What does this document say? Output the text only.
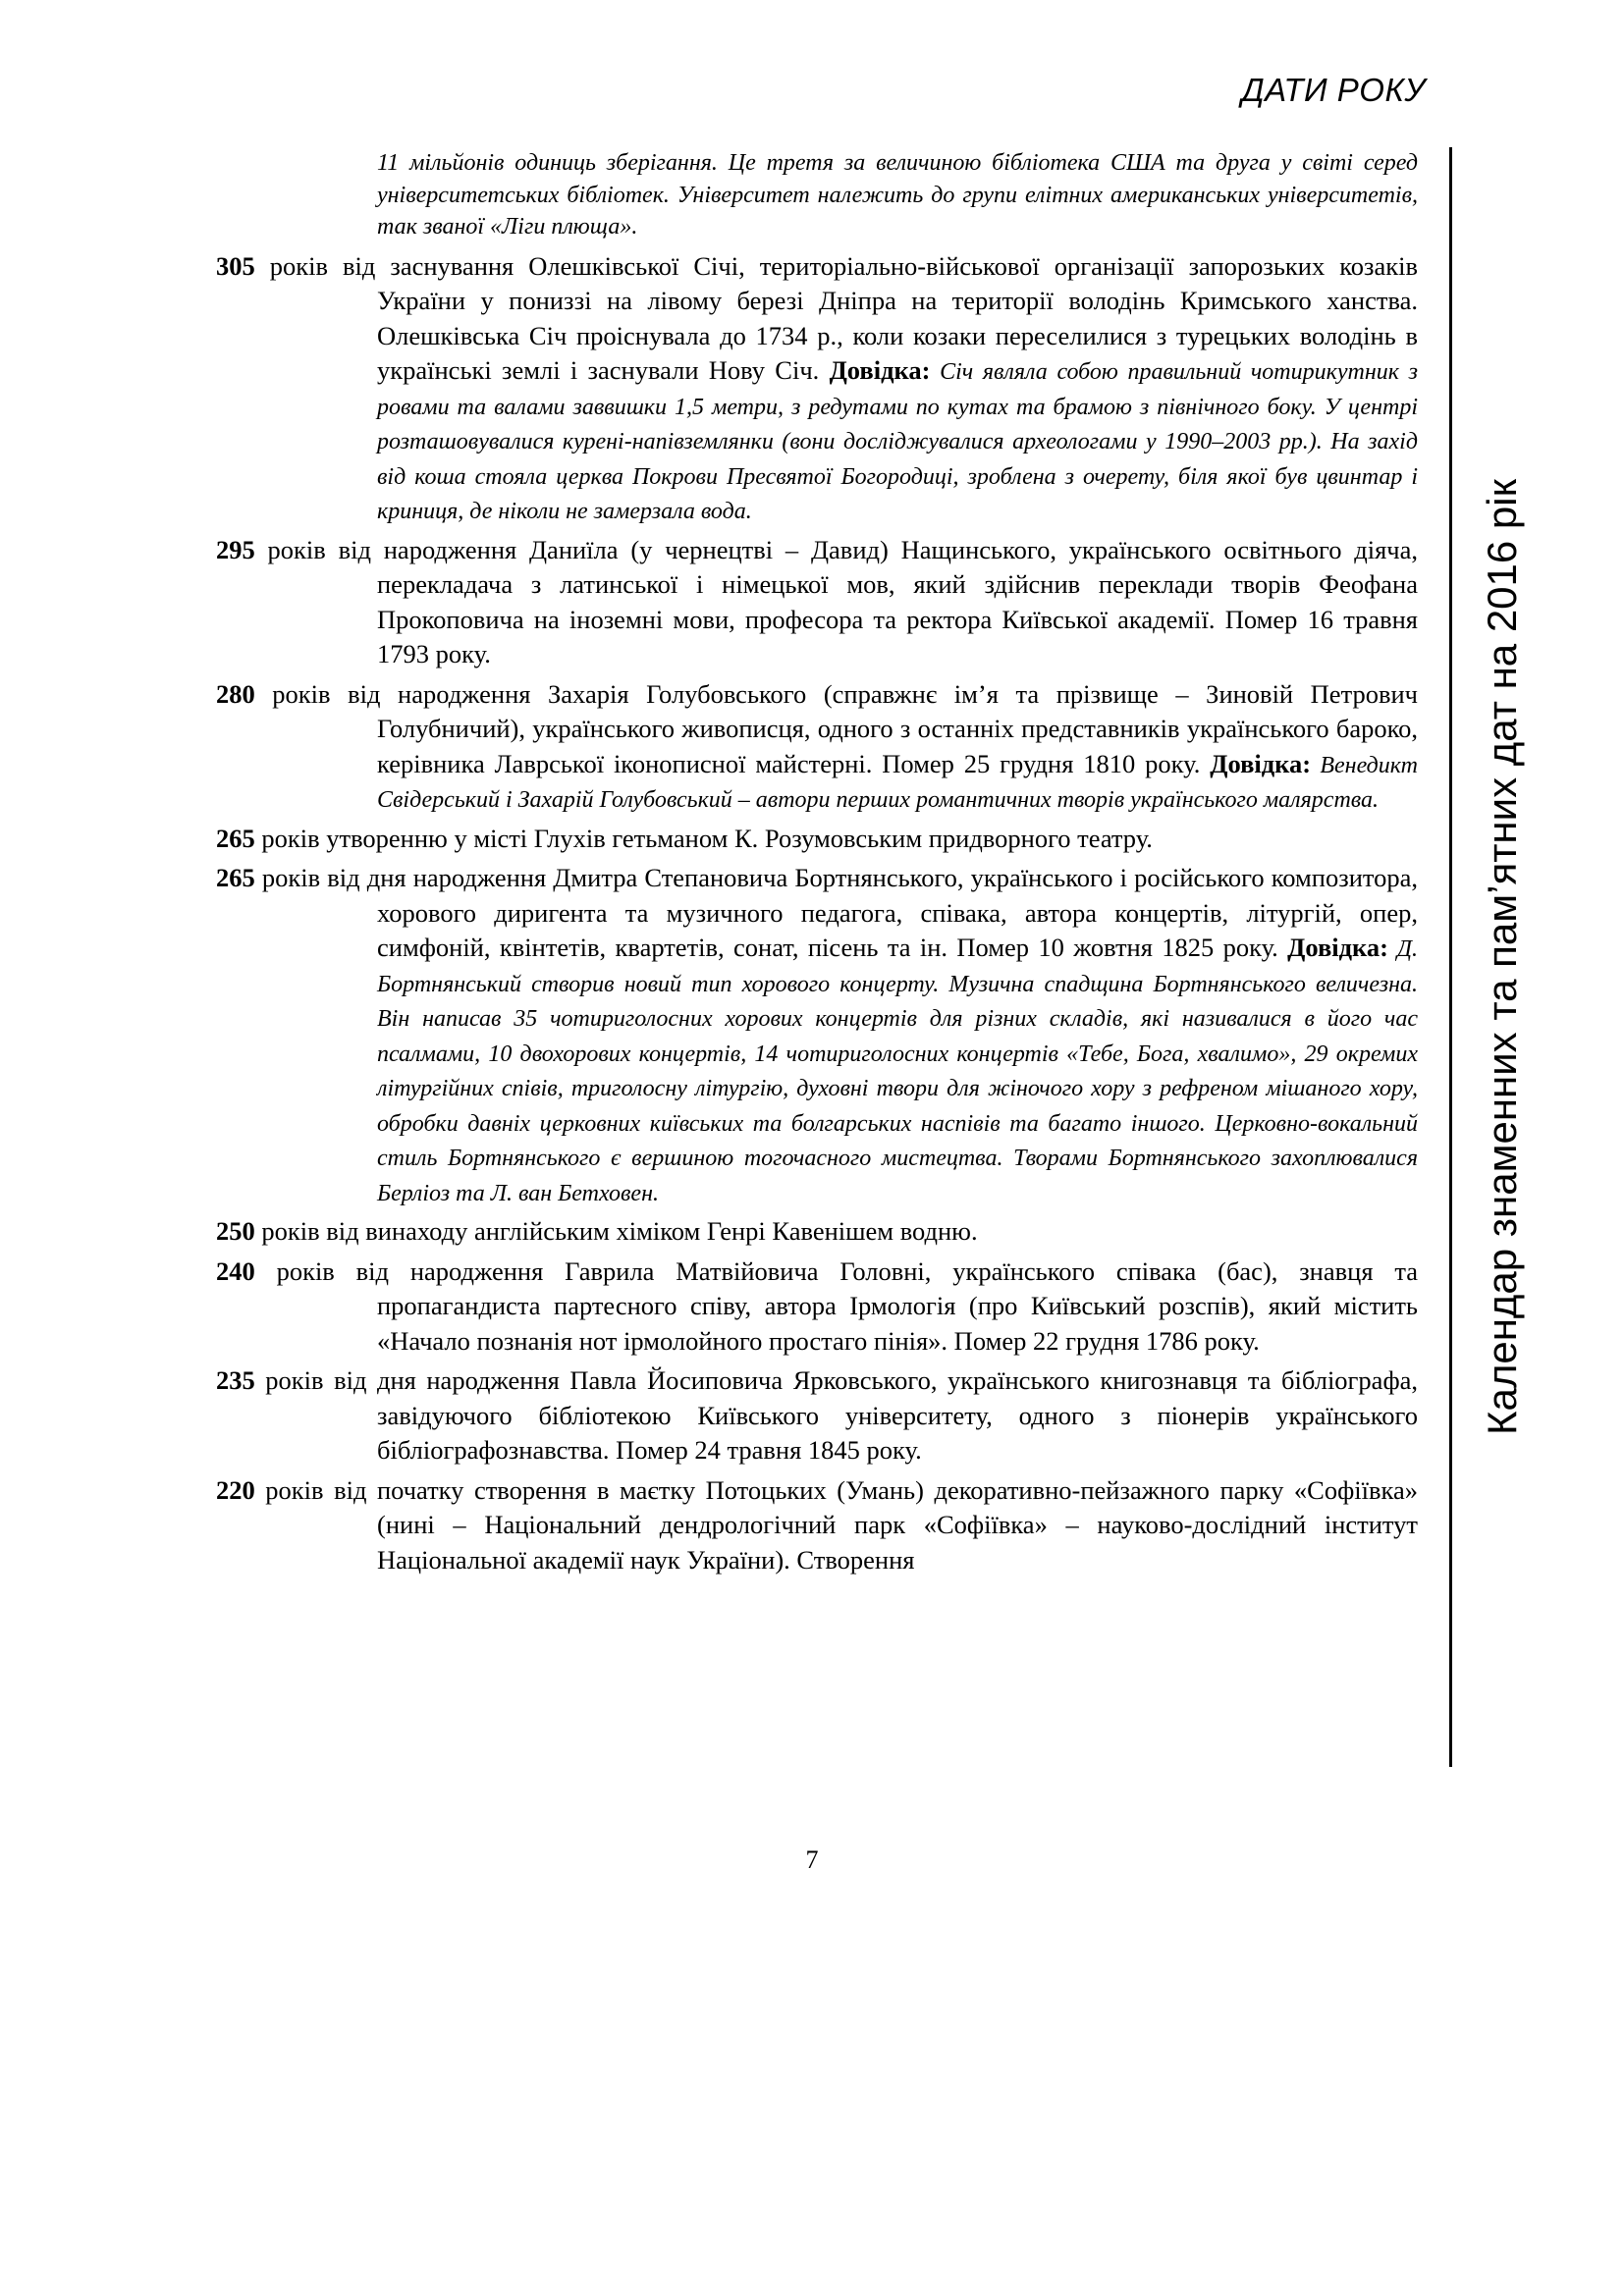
ДАТИ РОКУ
Календар знаменних та пам’ятних дат на 2016 рік
11 мільйонів одиниць зберігання. Це третя за величиною бібліотека США та друга у світі серед університетських бібліотек. Університет належить до групи елітних американських університетів, так званої «Ліги плюща».
305 років від заснування Олешківської Січі, територіально-військової організації запорозьких козаків України у пониззі на лівому березі Дніпра на території володінь Кримського ханства. Олешківська Січ проіснувала до 1734 р., коли козаки переселилися з турецьких володінь в українські землі і заснували Нову Січ. Довідка: Січ являла собою правильний чотирикутник з ровами та валами заввишки 1,5 метри, з редутами по кутах та брамою з північного боку. У центрі розташовувалися курені-напівземлянки (вони досліджувалися археологами у 1990–2003 рр.). На захід від коша стояла церква Покрови Пресвятої Богородиці, зроблена з очерету, біля якої був цвинтар і криниця, де ніколи не замерзала вода.
295 років від народження Даниїла (у чернецтві – Давид) Нащинського, українського освітнього діяча, перекладача з латинської і німецької мов, який здійснив переклади творів Феофана Прокоповича на іноземні мови, професора та ректора Київської академії. Помер 16 травня 1793 року.
280 років від народження Захарія Голубовського (справжнє ім’я та прізвище – Зиновій Петрович Голубничий), українського живописця, одного з останніх представників українського бароко, керівника Лаврської іконописної майстерні. Помер 25 грудня 1810 року. Довідка: Венедикт Свідерський і Захарій Голубовський – автори перших романтичних творів українського малярства.
265 років утворенню у місті Глухів гетьманом К. Розумовським придворного театру.
265 років від дня народження Дмитра Степановича Бортнянського, українського і російського композитора, хорового диригента та музичного педагога, співака, автора концертів, літургій, опер, симфоній, квінтетів, квартетів, сонат, пісень та ін. Помер 10 жовтня 1825 року. Довідка: Д. Бортнянський створив новий тип хорового концерту. Музична спадщина Бортнянського величезна. Він написав 35 чотириголосних хорових концертів для різних складів, які називалися в його час псалмами, 10 двохорових концертів, 14 чотириголосних концертів «Тебе, Бога, хвалимо», 29 окремих літургійних співів, триголосну літургію, духовні твори для жіночого хору з рефреном мішаного хору, обробки давніх церковних київських та болгарських наспівів та багато іншого. Церковно-вокальний стиль Бортнянського є вершиною тогочасного мистецтва. Творами Бортнянського захоплювалися Берліоз та Л. ван Бетховен.
250 років від винаходу англійським хіміком Генрі Кавенішем водню.
240 років від народження Гаврила Матвійовича Головні, українського співака (бас), знавця та пропагандиста партесного співу, автора Ірмологія (про Київський розспів), який містить «Начало познанія нот ірмолойного простаго пінія». Помер 22 грудня 1786 року.
235 років від дня народження Павла Йосиповича Ярковського, українського книгознавця та бібліографа, завідуючого бібліотекою Київського університету, одного з піонерів українського бібліографознавства. Помер 24 травня 1845 року.
220 років від початку створення в маєтку Потоцьких (Умань) декоративно-пейзажного парку «Софіївка» (нині – Національний дендрологічний парк «Софіївка» – науково-дослідний інститут Національної академії наук України). Створення
7
